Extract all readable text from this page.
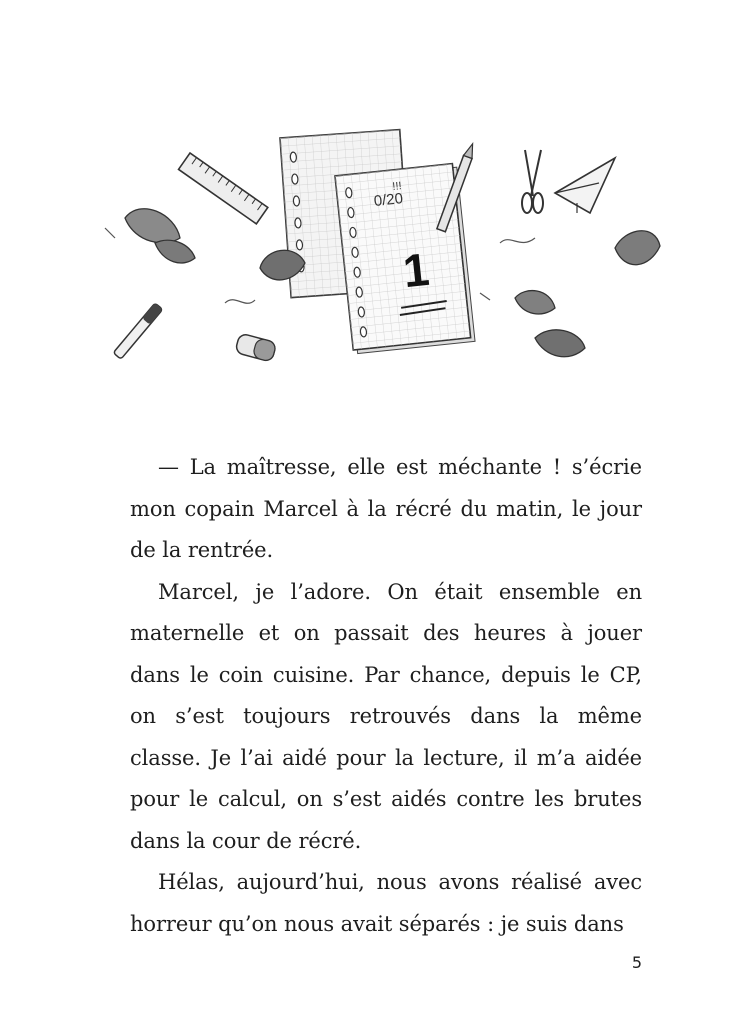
0/20
!!!
1

— La maîtresse, elle est méchante ! s’écrie mon copain Marcel à la récré du matin, le jour de la rentrée.

Marcel, je l’adore. On était ensemble en maternelle et on passait des heures à jouer dans le coin cuisine. Par chance, depuis le CP, on s’est toujours retrouvés dans la même classe. Je l’ai aidé pour la lecture, il m’a aidée pour le calcul, on s’est aidés contre les brutes dans la cour de récré.

Hélas, aujourd’hui, nous avons réalisé avec horreur qu’on nous avait séparés : je suis dans

5
